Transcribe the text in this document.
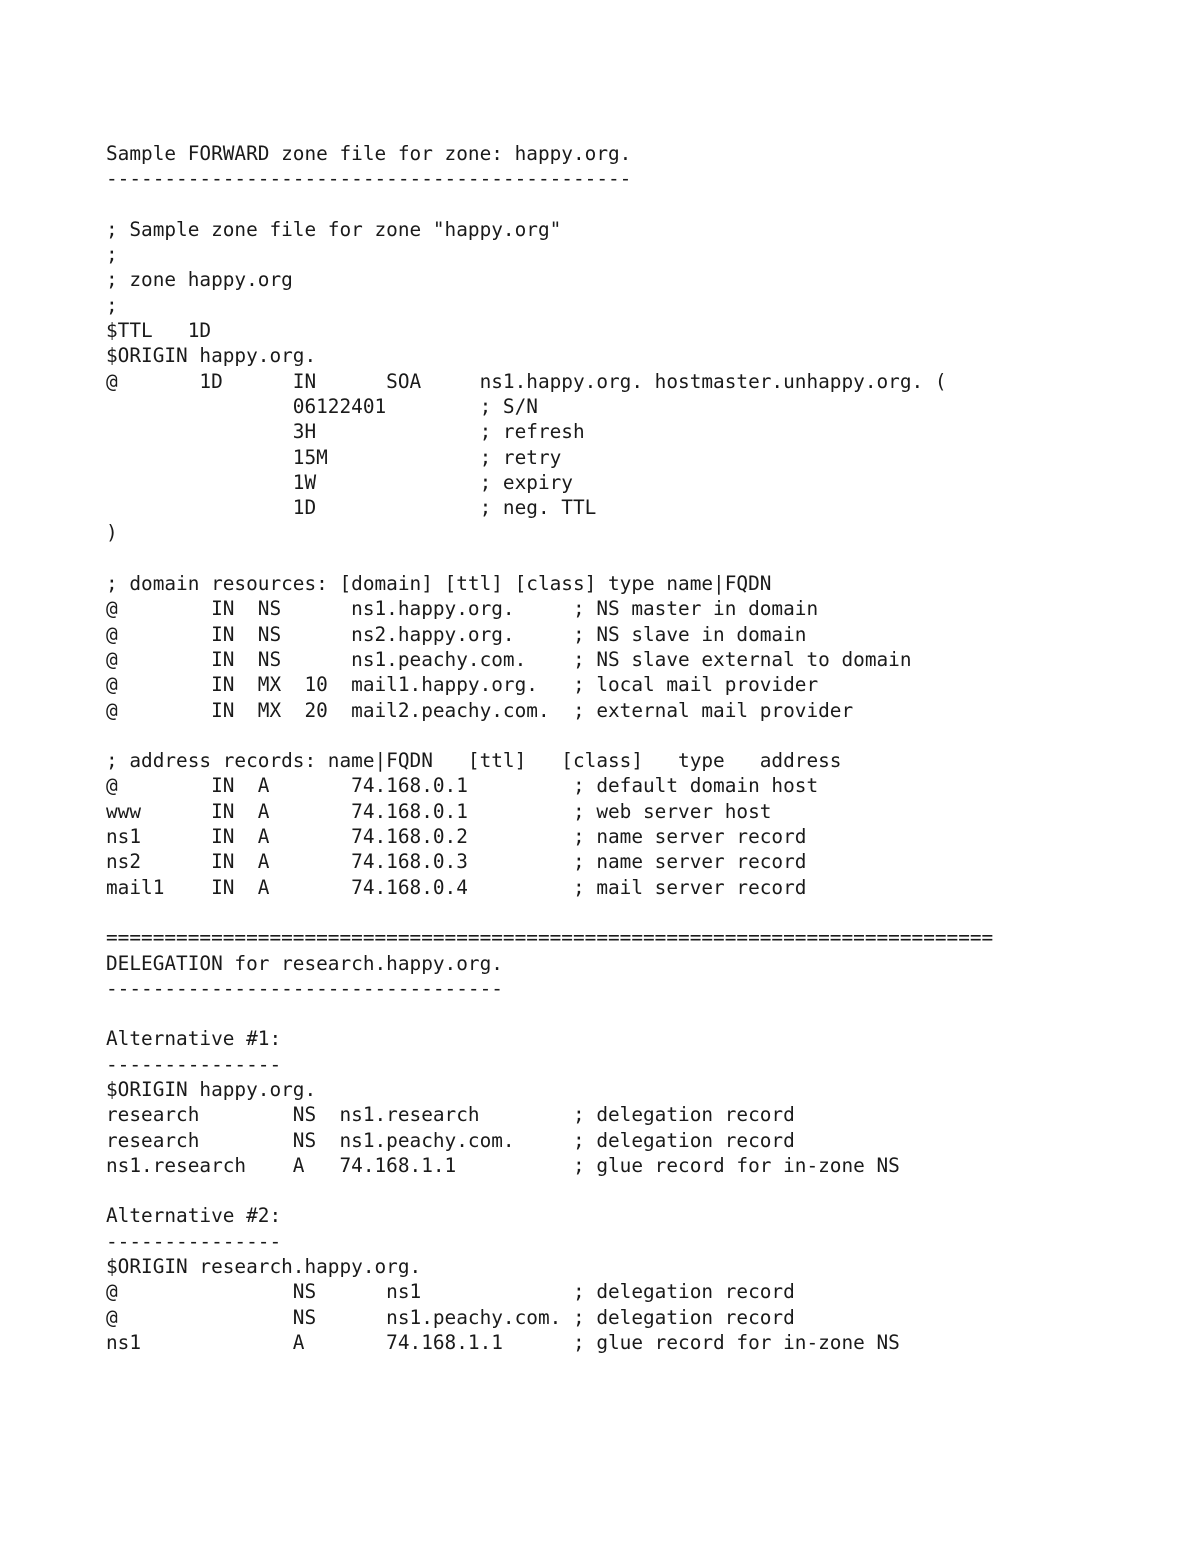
Sample FORWARD zone file for zone: happy.org.
---------------------------------------------
; Sample zone file for zone "happy.org"
;
; zone happy.org
;
$TTL   1D
$ORIGIN happy.org.
@       1D      IN      SOA     ns1.happy.org. hostmaster.unhappy.org. (
06122401        ; S/N
3H              ; refresh
15M             ; retry
1W              ; expiry
1D              ; neg. TTL
)
; domain resources: [domain] [ttl] [class] type name|FQDN
@        IN  NS      ns1.happy.org.     ; NS master in domain
@        IN  NS      ns2.happy.org.     ; NS slave in domain
@        IN  NS      ns1.peachy.com.    ; NS slave external to domain
@        IN  MX  10  mail1.happy.org.   ; local mail provider
@        IN  MX  20  mail2.peachy.com.  ; external mail provider
; address records: name|FQDN   [ttl]   [class]   type   address
@        IN  A       74.168.0.1         ; default domain host
www      IN  A       74.168.0.1         ; web server host
ns1      IN  A       74.168.0.2         ; name server record
ns2      IN  A       74.168.0.3         ; name server record
mail1    IN  A       74.168.0.4         ; mail server record
============================================================================
DELEGATION for research.happy.org.
----------------------------------
Alternative #1:
---------------
$ORIGIN happy.org.
research        NS  ns1.research        ; delegation record
research        NS  ns1.peachy.com.     ; delegation record
ns1.research    A   74.168.1.1          ; glue record for in-zone NS
Alternative #2:
---------------
$ORIGIN research.happy.org.
@               NS      ns1             ; delegation record
@               NS      ns1.peachy.com. ; delegation record
ns1             A       74.168.1.1      ; glue record for in-zone NS
